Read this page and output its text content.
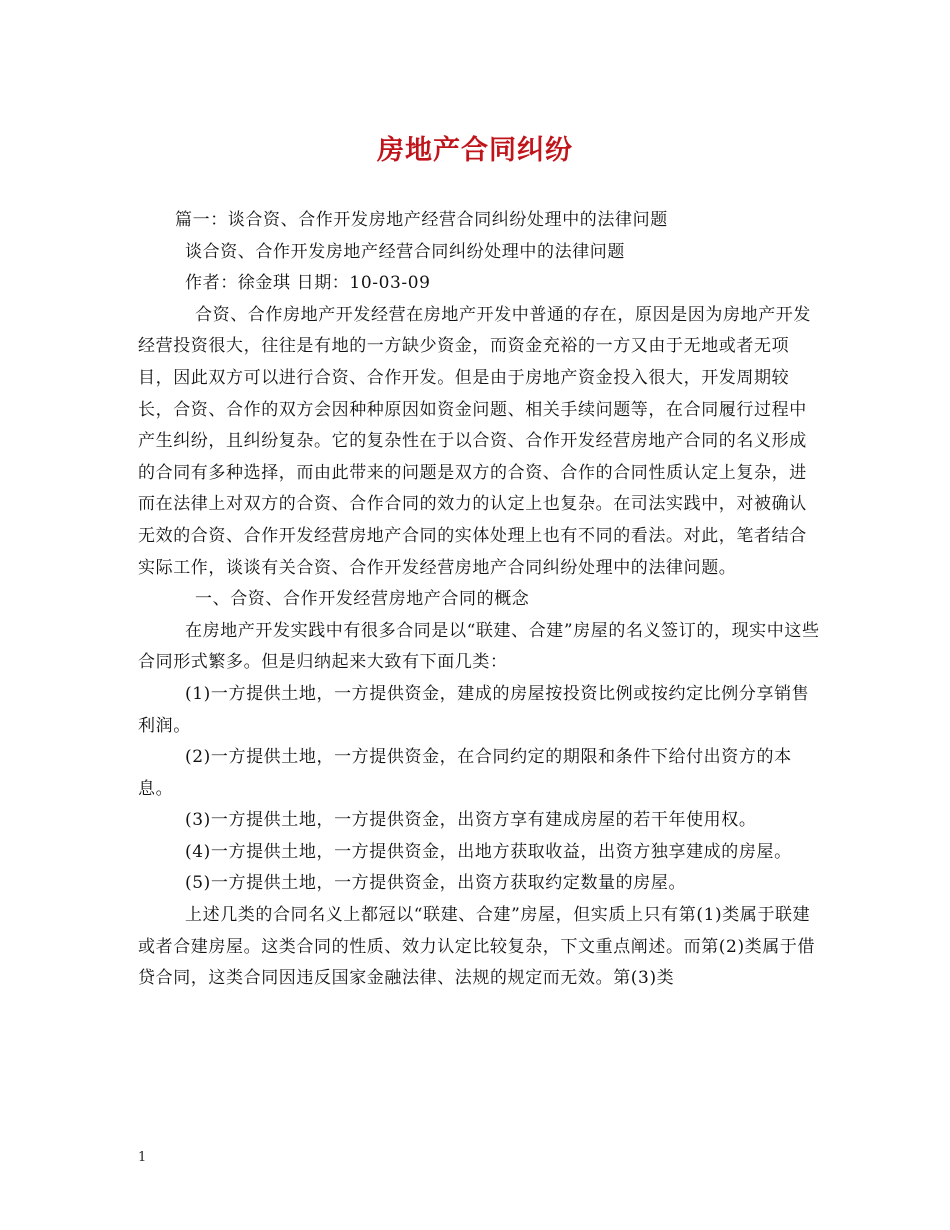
房地产合同纠纷

篇一：谈合资、合作开发房地产经营合同纠纷处理中的法律问题

谈合资、合作开发房地产经营合同纠纷处理中的法律问题

作者：徐金琪 日期：10-03-09

合资、合作房地产开发经营在房地产开发中普通的存在，原因是因为房地产开发经营投资很大，往往是有地的一方缺少资金，而资金充裕的一方又由于无地或者无项目，因此双方可以进行合资、合作开发。但是由于房地产资金投入很大，开发周期较长，合资、合作的双方会因种种原因如资金问题、相关手续问题等，在合同履行过程中产生纠纷，且纠纷复杂。它的复杂性在于以合资、合作开发经营房地产合同的名义形成的合同有多种选择，而由此带来的问题是双方的合资、合作的合同性质认定上复杂，进而在法律上对双方的合资、合作合同的效力的认定上也复杂。在司法实践中，对被确认无效的合资、合作开发经营房地产合同的实体处理上也有不同的看法。对此，笔者结合实际工作，谈谈有关合资、合作开发经营房地产合同纠纷处理中的法律问题。

一、合资、合作开发经营房地产合同的概念

在房地产开发实践中有很多合同是以“联建、合建”房屋的名义签订的，现实中这些合同形式繁多。但是归纳起来大致有下面几类：

(1)一方提供土地，一方提供资金，建成的房屋按投资比例或按约定比例分享销售利润。

(2)一方提供土地，一方提供资金，在合同约定的期限和条件下给付出资方的本息。

(3)一方提供土地，一方提供资金，出资方享有建成房屋的若干年使用权。

(4)一方提供土地，一方提供资金，出地方获取收益，出资方独享建成的房屋。

(5)一方提供土地，一方提供资金，出资方获取约定数量的房屋。

上述几类的合同名义上都冠以“联建、合建”房屋，但实质上只有第(1)类属于联建或者合建房屋。这类合同的性质、效力认定比较复杂，下文重点阐述。而第(2)类属于借贷合同，这类合同因违反国家金融法律、法规的规定而无效。第(3)类

1
